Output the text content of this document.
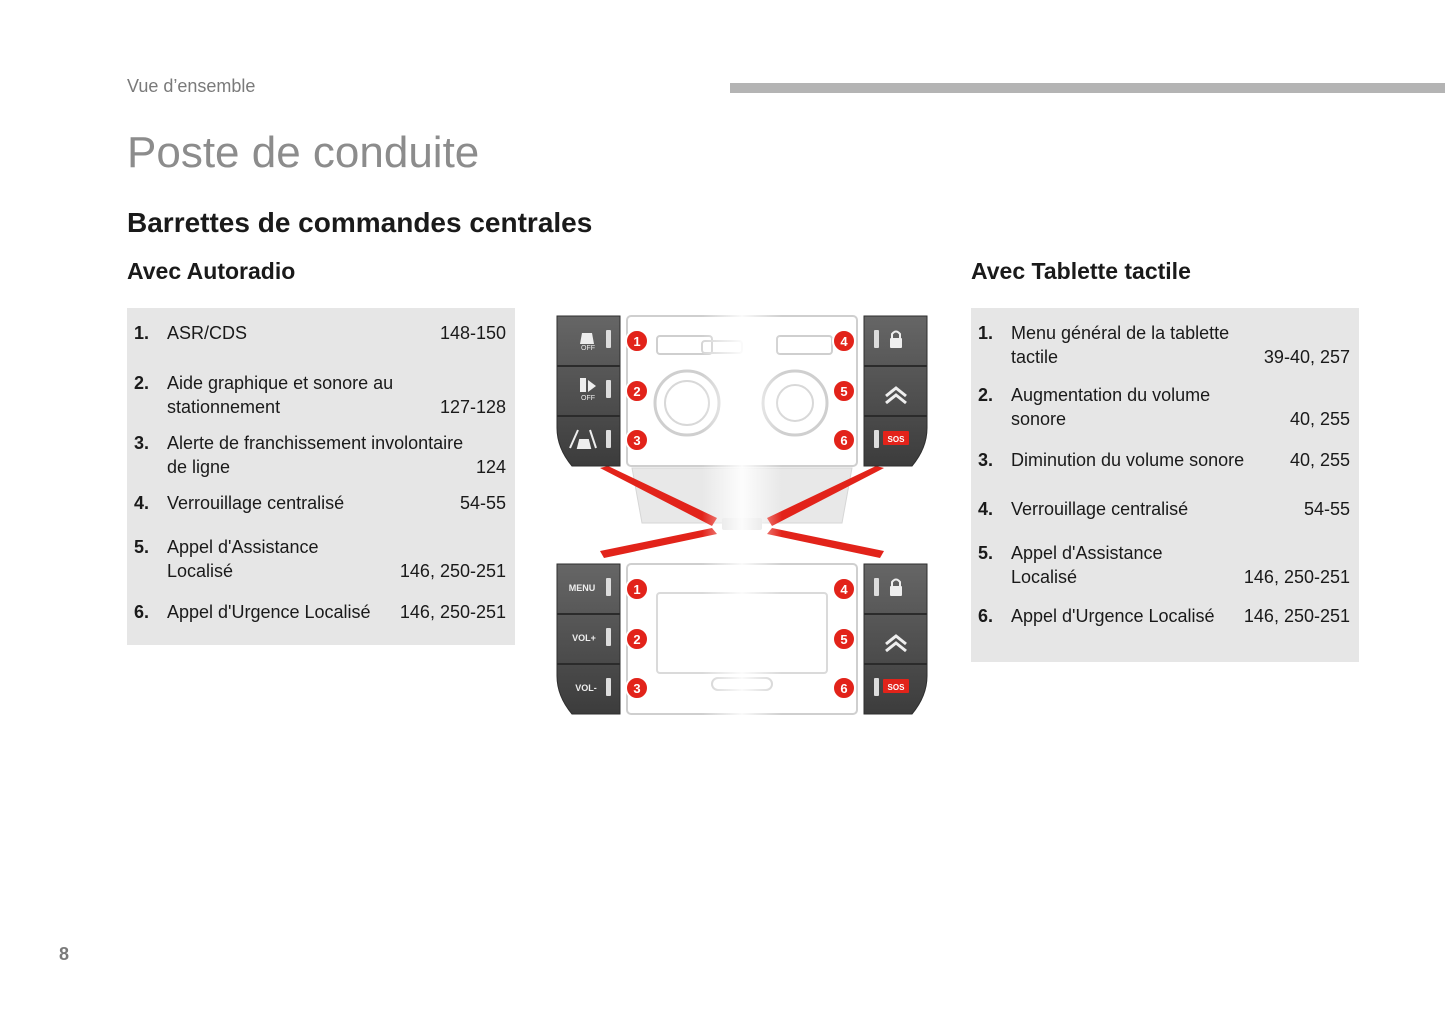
Vue d’ensemble
Poste de conduite
Barrettes de commandes centrales
Avec Autoradio	Avec Tablette tactile
1. ASR/CDS	148-150
2. Aide graphique et sonore au stationnement	127-128
3. Alerte de franchissement involontaire de ligne	124
4. Verrouillage centralisé	54-55
5. Appel d'Assistance Localisé	146, 250-251
6. Appel d'Urgence Localisé	146, 250-251
1. Menu général de la tablette tactile	39-40, 257
2. Augmentation du volume sonore	40, 255
3. Diminution du volume sonore	40, 255
4. Verrouillage centralisé	54-55
5. Appel d'Assistance Localisé	146, 250-251
6. Appel d'Urgence Localisé	146, 250-251
OFF
OFF
SOS
MENU
VOL+
VOL-	SOS
1
2
3
4
5
6
1
2
3
4
5
6
8
